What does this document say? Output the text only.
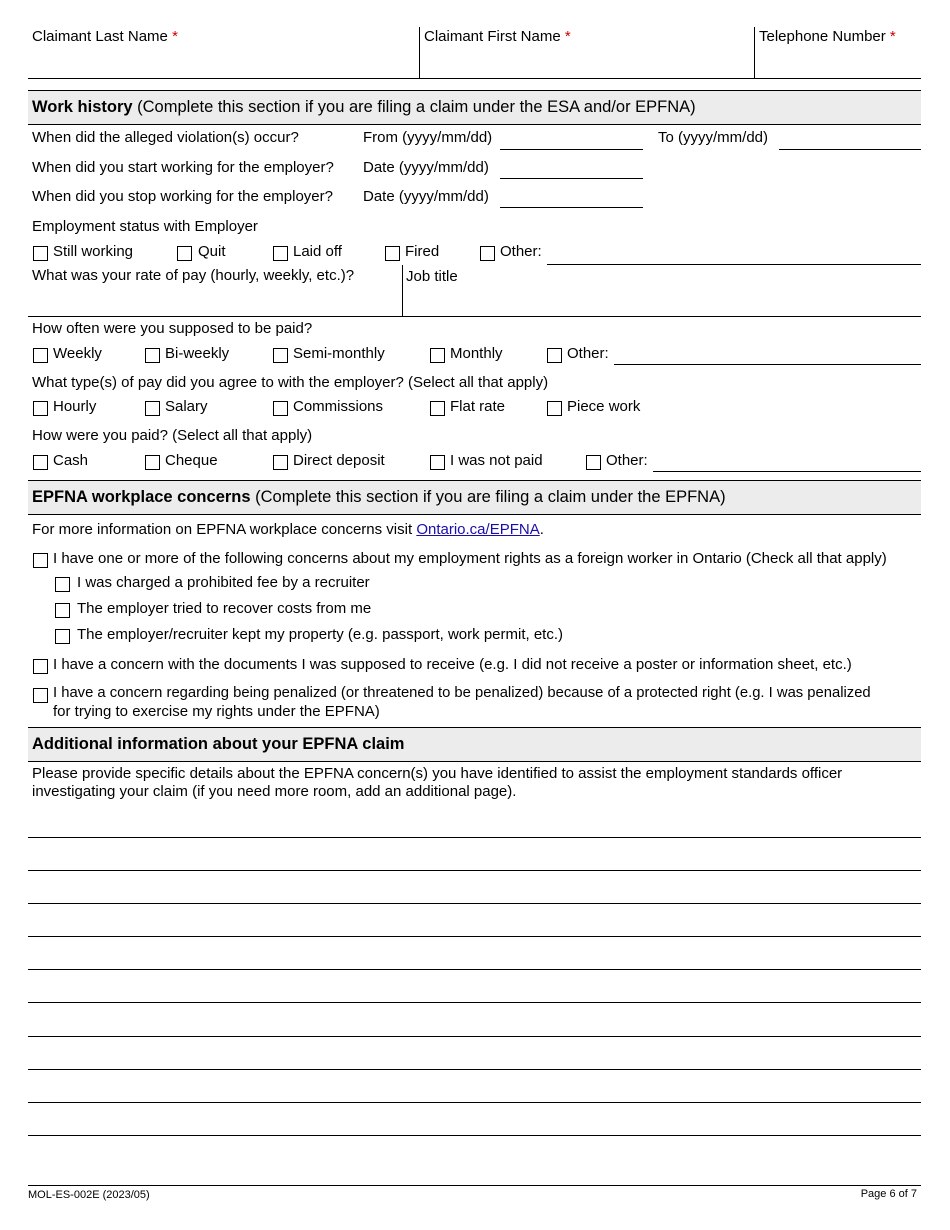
Claimant Last Name *	Claimant First Name *	Telephone Number *
Work history (Complete this section if you are filing a claim under the ESA and/or EPFNA)
When did the alleged violation(s) occur?	From (yyyy/mm/dd)	To (yyyy/mm/dd)
When did you start working for the employer? Date (yyyy/mm/dd)
When did you stop working for the employer? Date (yyyy/mm/dd)
Employment status with Employer
Still working	Quit	Laid off	Fired	Other:
What was your rate of pay (hourly, weekly, etc.)?	Job title
How often were you supposed to be paid?
Weekly	Bi-weekly	Semi-monthly	Monthly	Other:
What type(s) of pay did you agree to with the employer? (Select all that apply)
Hourly	Salary	Commissions	Flat rate	Piece work
How were you paid? (Select all that apply)
Cash	Cheque	Direct deposit	I was not paid	Other:
EPFNA workplace concerns (Complete this section if you are filing a claim under the EPFNA)
For more information on EPFNA workplace concerns visit Ontario.ca/EPFNA.
I have one or more of the following concerns about my employment rights as a foreign worker in Ontario (Check all that apply)
I was charged a prohibited fee by a recruiter
The employer tried to recover costs from me
The employer/recruiter kept my property (e.g. passport, work permit, etc.)
I have a concern with the documents I was supposed to receive (e.g. I did not receive a poster or information sheet, etc.)
I have a concern regarding being penalized (or threatened to be penalized) because of a protected right (e.g. I was penalized
for trying to exercise my rights under the EPFNA)
Additional information about your EPFNA claim
Please provide specific details about the EPFNA concern(s) you have identified to assist the employment standards officer
investigating your claim (if you need more room, add an additional page).
MOL-ES-002E (2023/05)	Page 6 of 7
